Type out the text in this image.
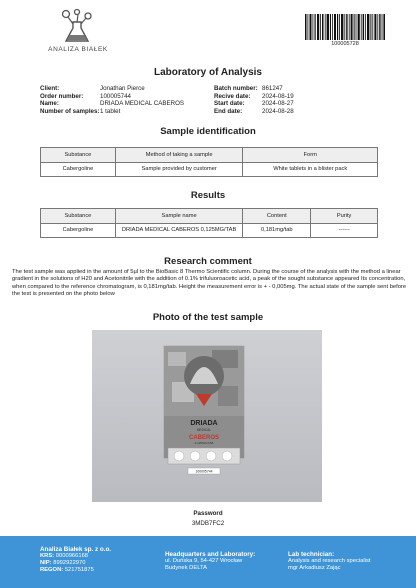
ANALIZA BIAŁEK
100005728
Laboratory of Analysis
Client:	Jonathan Pierce
Order number:	100005744
Name:	DRIADA MEDICAL CABEROS
Number of samples:1 tablet
Batch number: 861247
Recive date: 2024-08-19
Start date:	2024-08-27
End date:	2024-08-28
Sample identification
Substance	Method of taking a sample	Form
Cabergoline	Sample provided by customer	White tablets in a blister pack
Results
Substance	Sample name	Content	Purity
Cabergoline	DRIADA MEDICAL CABEROS 0,125MG/TAB	0,181mg/tab	------
Research comment
The test sample was applied in the amount of 5µl to the BioBasic 8 Thermo Scientific column. During the course of the analysis with the method a linear gradient in the solutions of H20 and Acetonitrile with the addition of 0.1% trifuluoroacetic acid, a peak of the sought substance appeared Its concentration, when compared to the reference chromatogram, is 0,181mg/tab. Height the measurement error is + - 0,005mg. The actual state of the sample sent before the test is presented on the photo below
Photo of the test sample
DRIADA
MEDICAL
CABEROS
0.125MG/TAB
100005744
Password
3MDB7FC2
Analiza Białek sp. z o.o.
KRS: 0000966168
NIP: 8992922970
REGON: 521751875
Headquarters and Laboratory:
ul. Duńska 9, 54-427 Wrocław
Budynek DELTA
Lab technician:
Analysis and research specialist
mgr Arkadiusz Zając
